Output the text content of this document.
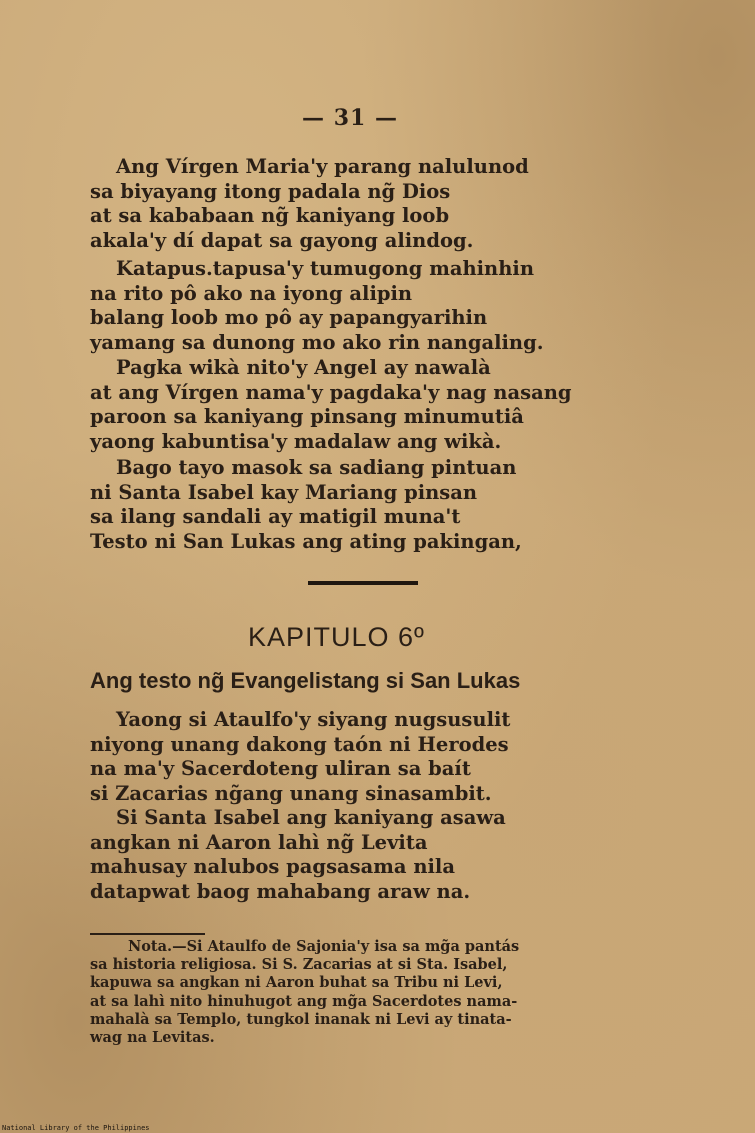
— 31 —

Ang Vírgen Maria'y parang nalulunod
sa biyayang itong padala ng̃ Dios
at sa kababaan ng̃ kaniyang loob
akala'y dí dapat sa gayong alindog.

Katapus.tapusa'y tumugong mahinhin
na rito pô ako na iyong alipin
balang loob mo pô ay papangyarihin
yamang sa dunong mo ako rin nangaling.

Pagka wikà nito'y Angel ay nawalà
at ang Vírgen nama'y pagdaka'y nag nasang
paroon sa kaniyang pinsang minumutiâ
yaong kabuntisa'y madalaw ang wikà.

Bago tayo masok sa sadiang pintuan
ni Santa Isabel kay Mariang pinsan
sa ilang sandali ay matigil muna't
Testo ni San Lukas ang ating pakingan,

KAPITULO 6º
Ang testo ng̃ Evangelistang si San Lukas

Yaong si Ataulfo'y siyang nugsusulit
niyong unang dakong taón ni Herodes
na ma'y Sacerdoteng uliran sa baít
si Zacarias ng̃ang unang sinasambit.

Si Santa Isabel ang kaniyang asawa
angkan ni Aaron lahì ng̃ Levita
mahusay nalubos pagsasama nila
datapwat baog mahabang araw na.

Nota.—Si Ataulfo de Sajonia'y isa sa mg̃a pantás
sa historia religiosa. Si S. Zacarias at si Sta. Isabel,
kapuwa sa angkan ni Aaron buhat sa Tribu ni Levi,
at sa lahì nito hinuhugot ang mg̃a Sacerdotes nama-
mahalà sa Templo, tungkol inanak ni Levi ay tinata-
wag na Levitas.

National Library of the Philippines
